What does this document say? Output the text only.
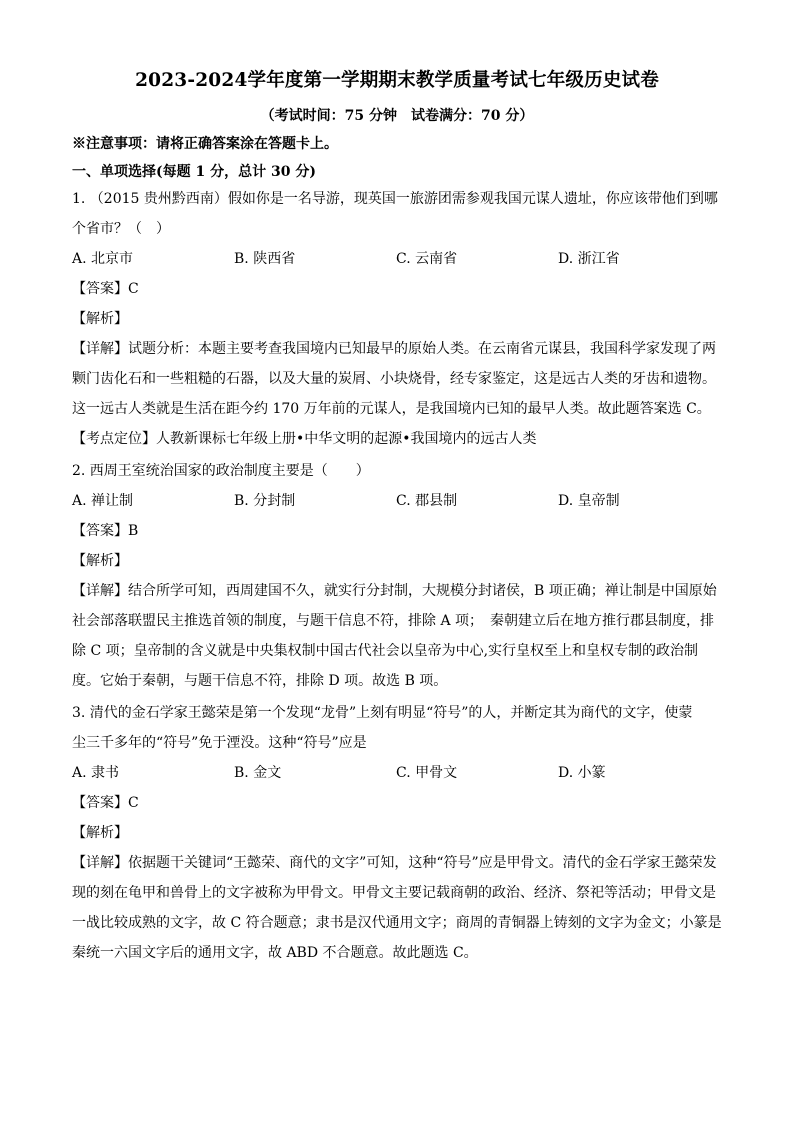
2023-2024学年度第一学期期末教学质量考试七年级历史试卷
（考试时间：75 分钟　试卷满分：70 分）
※注意事项：请将正确答案涂在答题卡上。
一、单项选择(每题 1 分，总计 30 分)
1. （2015 贵州黔西南）假如你是一名导游，现英国一旅游团需参观我国元谋人遗址，你应该带他们到哪
个省市？（　）
A. 北京市	B. 陕西省	C. 云南省	D. 浙江省
【答案】C
【解析】
【详解】试题分析：本题主要考查我国境内已知最早的原始人类。在云南省元谋县，我国科学家发现了两
颗门齿化石和一些粗糙的石器，以及大量的炭屑、小块烧骨，经专家鉴定，这是远古人类的牙齿和遗物。
这一远古人类就是生活在距今约 170 万年前的元谋人，是我国境内已知的最早人类。故此题答案选 C。
【考点定位】人教新课标七年级上册•中华文明的起源•我国境内的远古人类
2. 西周王室统治国家的政治制度主要是（　　）
A. 禅让制	B. 分封制	C. 郡县制	D. 皇帝制
【答案】B
【解析】
【详解】结合所学可知，西周建国不久，就实行分封制，大规模分封诸侯，B 项正确；禅让制是中国原始
社会部落联盟民主推选首领的制度，与题干信息不符，排除 A 项；　秦朝建立后在地方推行郡县制度，排
除 C 项；皇帝制的含义就是中央集权制中国古代社会以皇帝为中心,实行皇权至上和皇权专制的政治制
度。它始于秦朝，与题干信息不符，排除 D 项。故选 B 项。
3. 清代的金石学家王懿荣是第一个发现“龙骨”上刻有明显“符号”的人，并断定其为商代的文字，使蒙
尘三千多年的“符号”免于湮没。这种“符号”应是
A. 隶书	B. 金文	C. 甲骨文	D. 小篆
【答案】C
【解析】
【详解】依据题干关键词“王懿荣、商代的文字”可知，这种“符号”应是甲骨文。清代的金石学家王懿荣发
现的刻在龟甲和兽骨上的文字被称为甲骨文。甲骨文主要记载商朝的政治、经济、祭祀等活动；甲骨文是
一战比较成熟的文字，故 C 符合题意；隶书是汉代通用文字；商周的青铜器上铸刻的文字为金文；小篆是
秦统一六国文字后的通用文字，故 ABD 不合题意。故此题选 C。
